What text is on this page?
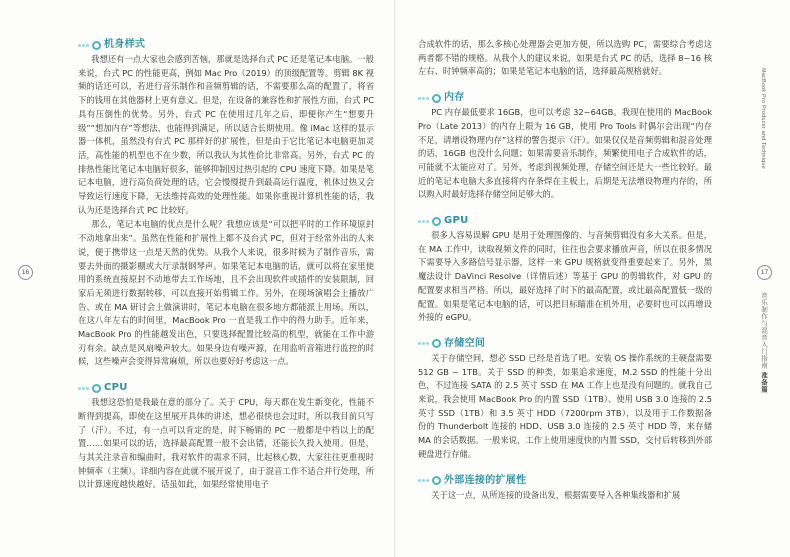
机身样式

我想还有一点大家也会感到苦恼，那就是选择台式 PC 还是笔记本电脑。一般来说，台式 PC 的性能更高，例如 Mac Pro（2019）的顶级配置等。剪辑 8K 视频的话还可以，若进行音乐制作和音频剪辑的话，不需要那么高的配置了，将省下的钱用在其他器材上更有意义。但是，在设备的兼容性和扩展性方面，台式 PC 具有压倒性的优势。另外，台式 PC 在使用过几年之后，即便你产生“想要升级”“想加内存”等想法，也能得到满足，所以适合长期使用。像 iMac 这样的显示器一体机，虽然没有台式 PC 那样好的扩展性，但是由于它比笔记本电脑更加灵活，高性能的机型也不在少数，所以我认为其性价比非常高。另外，台式 PC 的排热性能比笔记本电脑好很多，能够抑制因过热引起的 CPU 速度下降。如果是笔记本电脑，进行高负荷处理的话，它会慢慢提升到最高运行温度，机体过热又会导致运行速度下降，无法维持高效的处理性能。如果你重视计算机性能的话，我认为还是选择台式 PC 比较好。

那么，笔记本电脑的优点是什么呢？我想应该是“可以把平时的工作环境原封不动地拿出来”。虽然在性能和扩展性上都不及台式 PC，但对于经常外出的人来说，便于携带这一点是天然的优势。从我个人来说，很多时候为了制作音乐，需要去外面的摄影棚或大厅录制钢琴声。如果笔记本电脑的话，就可以将在家里使用的系统直接原封不动地带去工作场地，且不会出现软件或插件的安装限制，回家后无须进行数据转移，可以直接开始剪辑工作。另外，在现场演唱会上播放广告、或在 MA 研讨会上做演讲时，笔记本电脑在很多地方都能派上用场。所以，在这八年左右的时间里，MacBook Pro 一直是我工作中的得力助手。近年来，MacBook Pro 的性能越发出色，只要选择配置比较高的机型，就能在工作中游刃有余。缺点是风扇噪声较大。如果身边有噪声源，在用监听音箱进行监控的时候，这些噪声会变得异常麻烦，所以也要好好考虑这一点。

CPU

我想这恐怕是我最在意的部分了。关于 CPU，每天都在发生新变化，性能不断得到提高，即使在这里展开具体的讲述，想必很快也会过时，所以我目前只写了（汗）。不过，有一点可以肯定的是，时下畅销的 PC 一般都是中档以上的配置……如果可以的话，选择最高配置一般不会出错，还能长久投入使用。但是，与其关注录音和编曲时，我对软件的需求不同，比起核心数，大家往往更重视时钟频率（主频）。详细内容在此就不展开说了，由于混音工作不适合并行处理，所以计算速度越快越好。话虽如此，如果经常使用电子

合成软件的话，那么多核心处理器会更加方便，所以选购 PC，需要综合考虑这两者都不错的规格。从我个人的建议来说，如果是台式 PC 的话，选择 8~16 核左右、时钟频率高的；如果是笔记本电脑的话，选择最高规格就好。

内存

PC 内存最低要求 16GB，也可以考虑 32~64GB。我现在使用的 MacBook Pro（Late 2013）的内存上限为 16 GB，使用 Pro Tools 时偶尔会出现“内存不足，请增设物理内存”这样的警告提示（汗）。如果仅仅是音频剪辑和混音处理的话，16GB 也没什么问题；如果需要音乐制作，频繁使用电子合成软件的话，可能就不太能应对了。另外，考虑到视频处理，存储空间还是大一些比较好。最近的笔记本电脑大多直接将内存条焊在主板上，后期是无法增设物理内存的，所以购入时最好选择存储空间足够大的。

GPU

很多人容易误解 GPU 是用于处理图像的、与音频剪辑没有多大关系。但是，在 MA 工作中，读取视频文件的同时，往往也会要求播放声音，所以在很多情况下需要导入多路信号显示器，这样一来 GPU 规格就变得重要起来了。另外，黑魔法设计 DaVinci Resolve（详情后述）等基于 GPU 的剪辑软件，对 GPU 的配置要求相当严格。所以，最好选择了时下的最高配置，或比最高配置低一级的配置。如果是笔记本电脑的话，可以把目标瞄准在机外用，必要时也可以再增设外接的 eGPU。

存储空间

关于存储空间，想必 SSD 已经是首选了吧。安装 OS 操作系统的主硬盘需要 512 GB ~ 1TB。关于 SSD 的种类，如果追求速度，M.2 SSD 的性能十分出色，不过连接 SATA 的 2.5 英寸 SSD 在 MA 工作上也是没有问题的。就我自己来说，我会使用 MacBook Pro 的内置 SSD（1TB）、使用 USB 3.0 连接的 2.5 英寸 SSD（1TB）和 3.5 英寸 HDD（7200rpm 3TB），以及用于工作数据备份的 Thunderbolt 连接的 HDD、USB 3.0 连接的 2.5 英寸 HDD 等，来存储 MA 的会话数据。一般来说，工作上使用速度快的内置 SSD，交付后转移到外部硬盘进行存储。

外部连接的扩展性

关于这一点，从所连接的设备出发，根据需要导入各种集线器和扩展

16	17
MacBook Pro Producer and Technique
音乐制作与混音入门指南 准备篇
